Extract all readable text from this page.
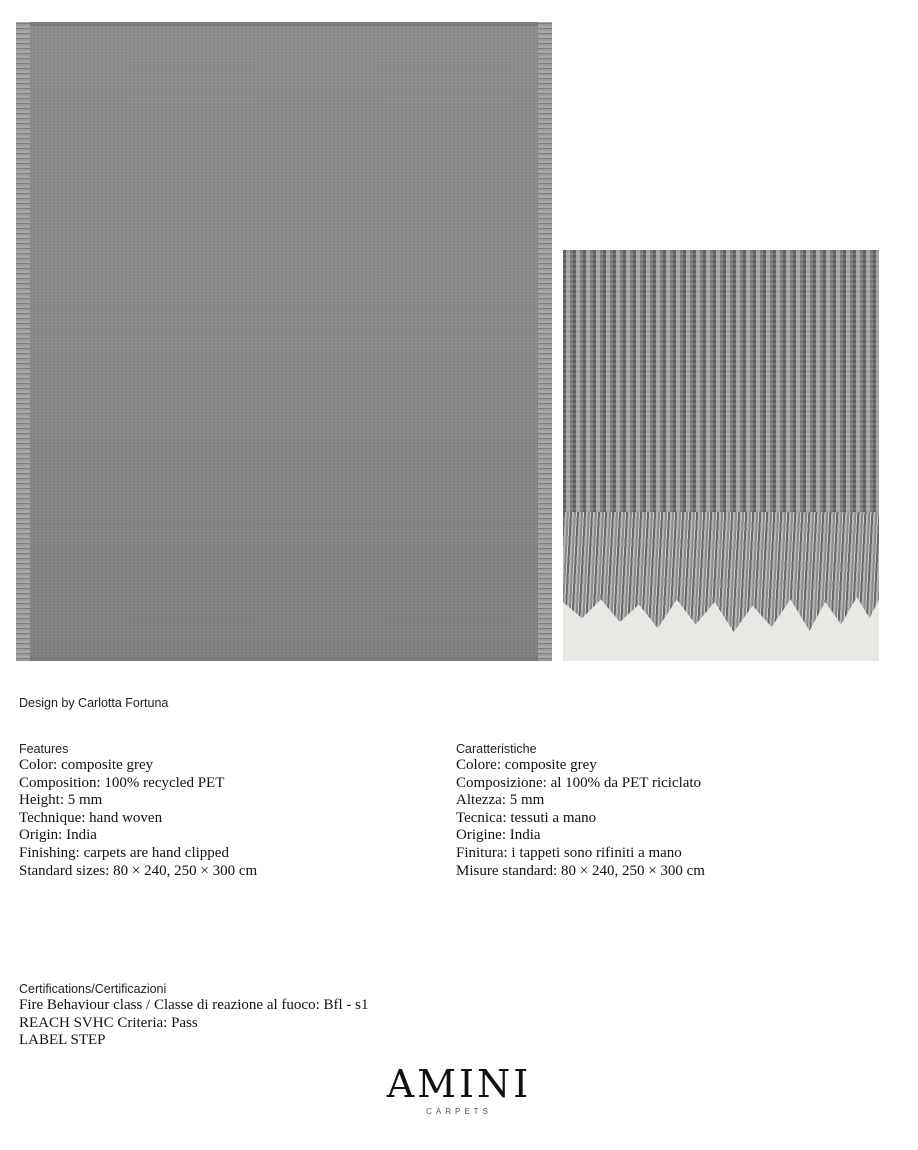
Design by Carlotta Fortuna
Features
Color: composite grey
Composition: 100% recycled PET
Height: 5 mm
Technique: hand woven
Origin: India
Finishing: carpets are hand clipped
Standard sizes: 80 × 240, 250 × 300 cm
Caratteristiche
Colore: composite grey
Composizione: al 100% da PET riciclato
Altezza: 5 mm
Tecnica: tessuti a mano
Origine: India
Finitura: i tappeti sono rifiniti a mano
Misure standard: 80 × 240, 250 × 300 cm
Certifications/Certificazioni
Fire Behaviour class / Classe di reazione al fuoco: Bfl - s1
REACH SVHC Criteria: Pass
LABEL STEP
AMINI
CARPETS
